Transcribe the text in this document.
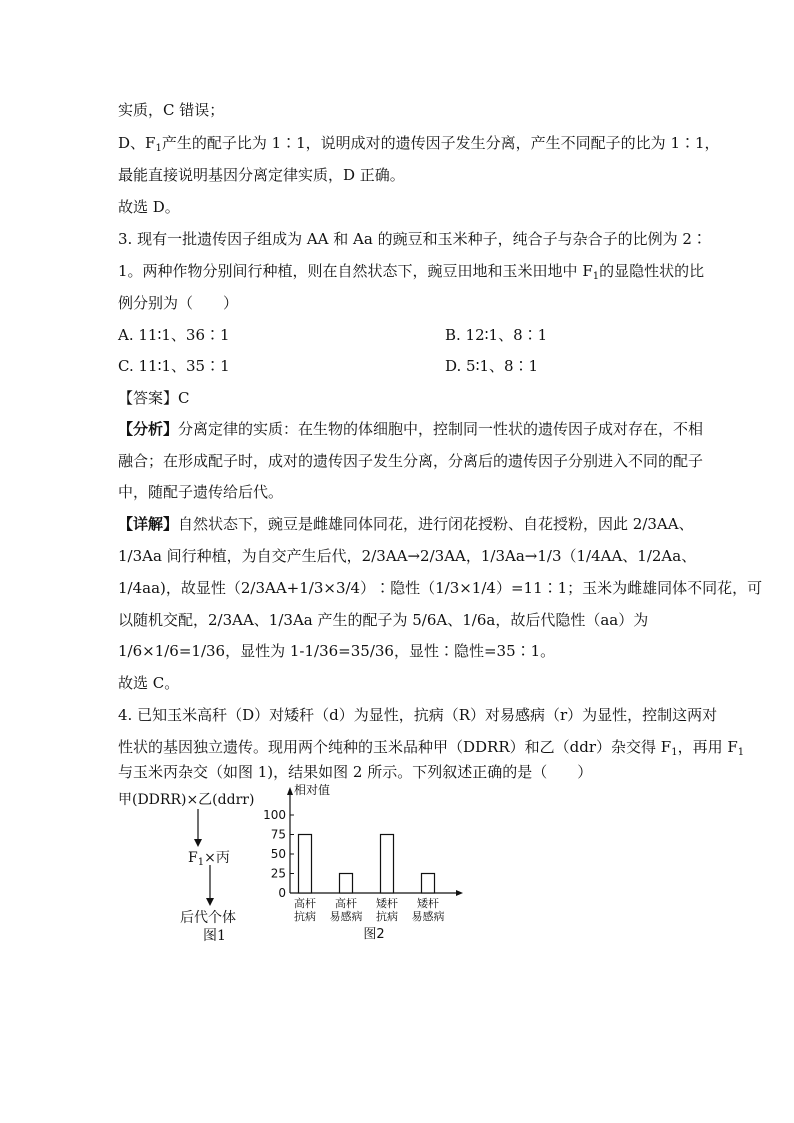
实质，C 错误；
D、$F_1$产生的配子比为 1∶1，说明成对的遗传因子发生分离，产生不同配子的比为 1∶1，
最能直接说明基因分离定律实质，D 正确。
故选 D。
3. 现有一批遗传因子组成为 AA 和 Aa 的豌豆和玉米种子，纯合子与杂合子的比例为 2∶
1。两种作物分别间行种植，则在自然状态下，豌豆田地和玉米田地中 $F_1$的显隐性状的比
例分别为（　　）
A. 11∶1、36∶1	B. 12∶1、8∶1
C. 11∶1、35∶1	D. 5∶1、8∶1
【答案】C
【分析】分离定律的实质：在生物的体细胞中，控制同一性状的遗传因子成对存在，不相
融合；在形成配子时，成对的遗传因子发生分离，分离后的遗传因子分别进入不同的配子
中，随配子遗传给后代。
【详解】自然状态下，豌豆是雌雄同体同花，进行闭花授粉、自花授粉，因此 2/3AA、
1/3Aa 间行种植，为自交产生后代，2/3AA→2/3AA，1/3Aa→1/3（1/4AA、1/2Aa、
1/4aa)，故显性（2/3AA+1/3×3/4）∶隐性（1/3×1/4）=11∶1；玉米为雌雄同体不同花，可
以随机交配，2/3AA、1/3Aa 产生的配子为 5/6A、1/6a，故后代隐性（aa）为
1/6×1/6=1/36，显性为 1-1/36=35/36，显性∶隐性=35∶1。
故选 C。
4. 已知玉米高秆（D）对矮秆（d）为显性，抗病（R）对易感病（r）为显性，控制这两对
性状的基因独立遗传。现用两个纯种的玉米品种甲（DDRR）和乙（ddr）杂交得 $F_1$，再用 $F_1$
与玉米丙杂交（如图 1)，结果如图 2 所示。下列叙述正确的是（　　）
甲(DDRR)×乙(ddrr)
$F_1\times$丙
后代个体
图1
相对值
0
25
50
75
100
高杆
抗病
高杆
易感病
矮杆
抗病
矮杆
易感病
图2
